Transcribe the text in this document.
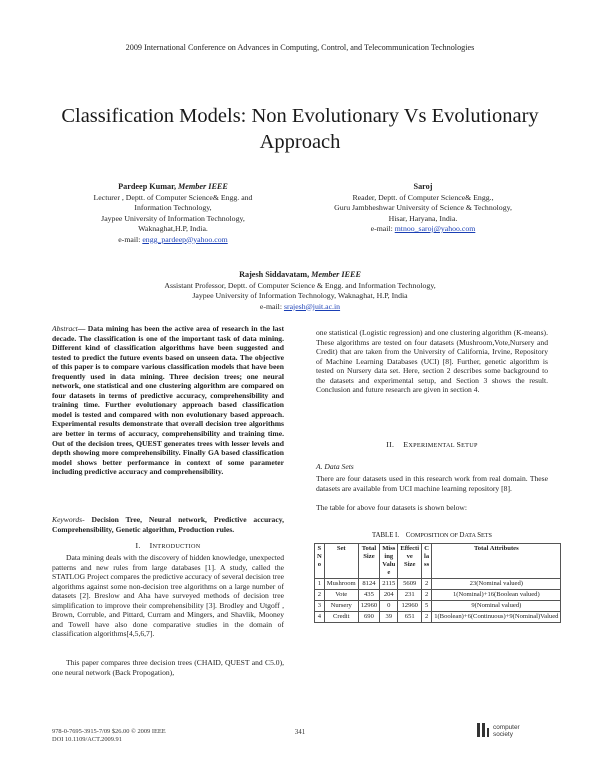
2009 International Conference on Advances in Computing, Control, and Telecommunication Technologies
Classification Models: Non Evolutionary Vs Evolutionary Approach
Pardeep Kumar, Member IEEE
Lecturer , Deptt. of Computer Science& Engg. and
Information Technology,
Jaypee University of Information Technology,
Waknaghat,H.P, India.
e-mail: engg_pardeep@yahoo.com
Saroj
Reader, Deptt. of Computer Science& Engg.,
Guru Jambheshwar University of Science & Technology,
Hisar, Haryana, India.
e-mail: mtnoo_saroj@yahoo.com
Rajesh Siddavatam, Member IEEE
Assistant Professor, Deptt. of Computer Science & Engg. and Information Technology,
Jaypee University of Information Technology, Waknaghat, H.P, India
e-mail: srajesh@juit.ac.in
Abstract— Data mining has been the active area of research in the last decade. The classification is one of the important task of data mining. Different kind of classification algorithms have been suggested and tested to predict the future events based on unseen data. The objective of this paper is to compare various classification models that have been frequently used in data mining. Three decision trees; one neural network, one statistical and one clustering algorithm are compared on four datasets in terms of predictive accuracy, comprehensibility and training time. Further evolutionary approach based classification model is tested and compared with non evolutionary based approach. Experimental results demonstrate that overall decision tree algorithms are better in terms of accuracy, comprehensibility and training time. Out of the decision trees, QUEST generates trees with lesser levels and depth showing more comprehensibility. Finally GA based classification model shows better performance in context of some parameter including predictive accuracy and comprehensibility.
Keywords- Decision Tree, Neural network, Predictive accuracy, Comprehensibility, Genetic algorithm, Production rules.
I. INTRODUCTION
Data mining deals with the discovery of hidden knowledge, unexpected patterns and new rules from large databases [1]. A study, called the STATLOG Project compares the predictive accuracy of several decision tree algorithms against some non-decision tree algorithms on a large number of datasets [2]. Breslow and Aha have surveyed methods of decision tree simplification to improve their comprehensibility [3]. Brodley and Utgoff , Brown, Corruble, and Pittard, Curram and Mingers, and Shavlik, Mooney and Towell have also done comparative studies in the domain of classification algorithms[4,5,6,7].
This paper compares three decision trees (CHAID, QUEST and C5.0), one neural network (Back Propogation),
one statistical (Logistic regression) and one clustering algorithm (K-means). These algorithms are tested on four datasets (Mushroom,Vote,Nursery and Credit) that are taken from the University of California, Irvine, Repository of Machine Learning Databases (UCI) [8]. Further, genetic algorithm is tested on Nursery data set. Here, section 2 describes some background to the datasets and experimental setup, and Section 3 shows the result. Conclusion and future research are given in section 4.
II. EXPERIMENTAL SETUP
A. Data Sets
There are four datasets used in this research work from real domain. These datasets are available from UCI machine learning repository [8].
The table for above four datasets is shown below:
TABLE I. COMPOSITION OF DATA SETS
S N o	Set	Total Size	Miss ing Valu e	Effecti ve Size	C la ss	Total Attributes
1	Mushroom	8124	2115	5609	2	23(Nominal valued)
2	Vote	435	204	231	2	1(Nominal)+16(Boolean valued)
3	Nursery	12960	0	12960	5	9(Nominal valued)
4	Credit	690	39	651	2	1(Boolean)+6(Continuous)+9(Nominal)Valued
978-0-7695-3915-7/09 $26.00 © 2009 IEEE
DOI 10.1109/ACT.2009.91
341
computer
society
